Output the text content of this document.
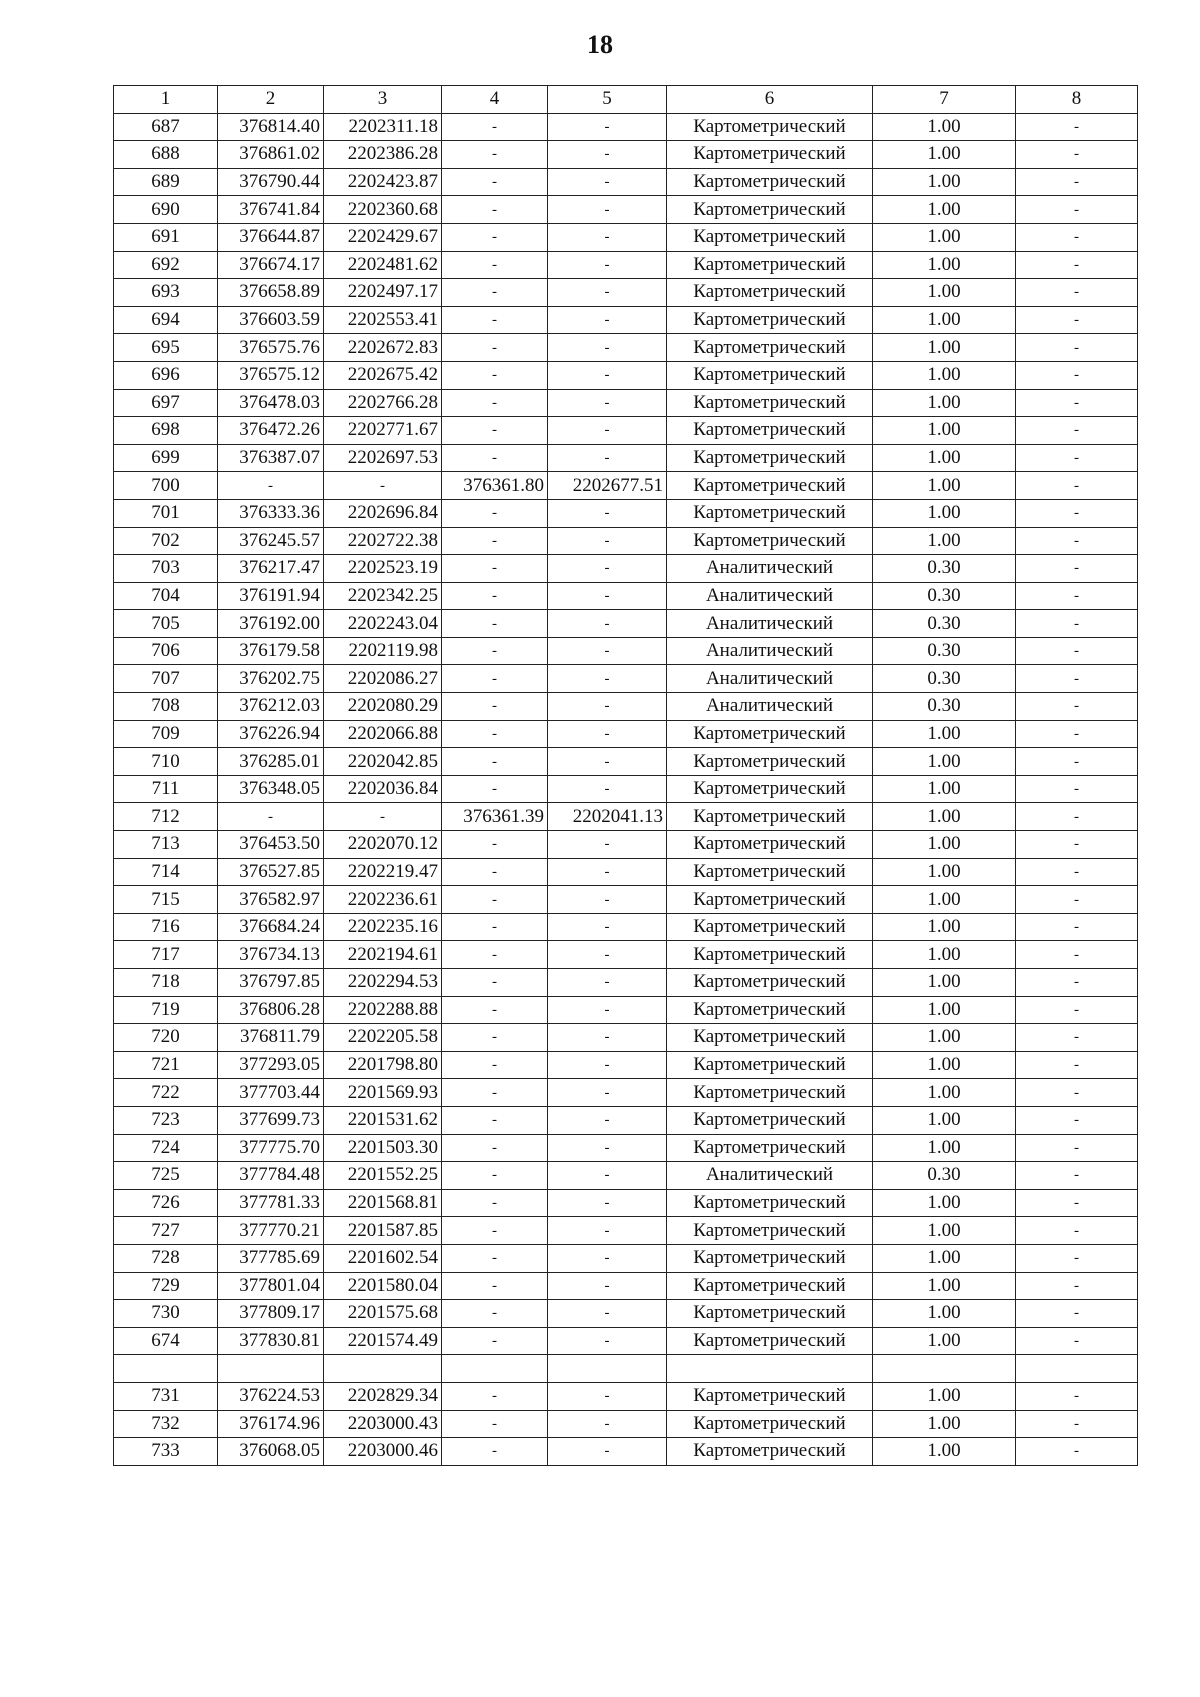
18
1	2	3	4	5	6	7	8
687	376814.40	2202311.18	-	-	Картометрический	1.00	-
688	376861.02	2202386.28	-	-	Картометрический	1.00	-
689	376790.44	2202423.87	-	-	Картометрический	1.00	-
690	376741.84	2202360.68	-	-	Картометрический	1.00	-
691	376644.87	2202429.67	-	-	Картометрический	1.00	-
692	376674.17	2202481.62	-	-	Картометрический	1.00	-
693	376658.89	2202497.17	-	-	Картометрический	1.00	-
694	376603.59	2202553.41	-	-	Картометрический	1.00	-
695	376575.76	2202672.83	-	-	Картометрический	1.00	-
696	376575.12	2202675.42	-	-	Картометрический	1.00	-
697	376478.03	2202766.28	-	-	Картометрический	1.00	-
698	376472.26	2202771.67	-	-	Картометрический	1.00	-
699	376387.07	2202697.53	-	-	Картометрический	1.00	-
700	-	-	376361.80	2202677.51	Картометрический	1.00	-
701	376333.36	2202696.84	-	-	Картометрический	1.00	-
702	376245.57	2202722.38	-	-	Картометрический	1.00	-
703	376217.47	2202523.19	-	-	Аналитический	0.30	-
704	376191.94	2202342.25	-	-	Аналитический	0.30	-
705	376192.00	2202243.04	-	-	Аналитический	0.30	-
706	376179.58	2202119.98	-	-	Аналитический	0.30	-
707	376202.75	2202086.27	-	-	Аналитический	0.30	-
708	376212.03	2202080.29	-	-	Аналитический	0.30	-
709	376226.94	2202066.88	-	-	Картометрический	1.00	-
710	376285.01	2202042.85	-	-	Картометрический	1.00	-
711	376348.05	2202036.84	-	-	Картометрический	1.00	-
712	-	-	376361.39	2202041.13	Картометрический	1.00	-
713	376453.50	2202070.12	-	-	Картометрический	1.00	-
714	376527.85	2202219.47	-	-	Картометрический	1.00	-
715	376582.97	2202236.61	-	-	Картометрический	1.00	-
716	376684.24	2202235.16	-	-	Картометрический	1.00	-
717	376734.13	2202194.61	-	-	Картометрический	1.00	-
718	376797.85	2202294.53	-	-	Картометрический	1.00	-
719	376806.28	2202288.88	-	-	Картометрический	1.00	-
720	376811.79	2202205.58	-	-	Картометрический	1.00	-
721	377293.05	2201798.80	-	-	Картометрический	1.00	-
722	377703.44	2201569.93	-	-	Картометрический	1.00	-
723	377699.73	2201531.62	-	-	Картометрический	1.00	-
724	377775.70	2201503.30	-	-	Картометрический	1.00	-
725	377784.48	2201552.25	-	-	Аналитический	0.30	-
726	377781.33	2201568.81	-	-	Картометрический	1.00	-
727	377770.21	2201587.85	-	-	Картометрический	1.00	-
728	377785.69	2201602.54	-	-	Картометрический	1.00	-
729	377801.04	2201580.04	-	-	Картометрический	1.00	-
730	377809.17	2201575.68	-	-	Картометрический	1.00	-
674	377830.81	2201574.49	-	-	Картометрический	1.00	-

731	376224.53	2202829.34	-	-	Картометрический	1.00	-
732	376174.96	2203000.43	-	-	Картометрический	1.00	-
733	376068.05	2203000.46	-	-	Картометрический	1.00	-
